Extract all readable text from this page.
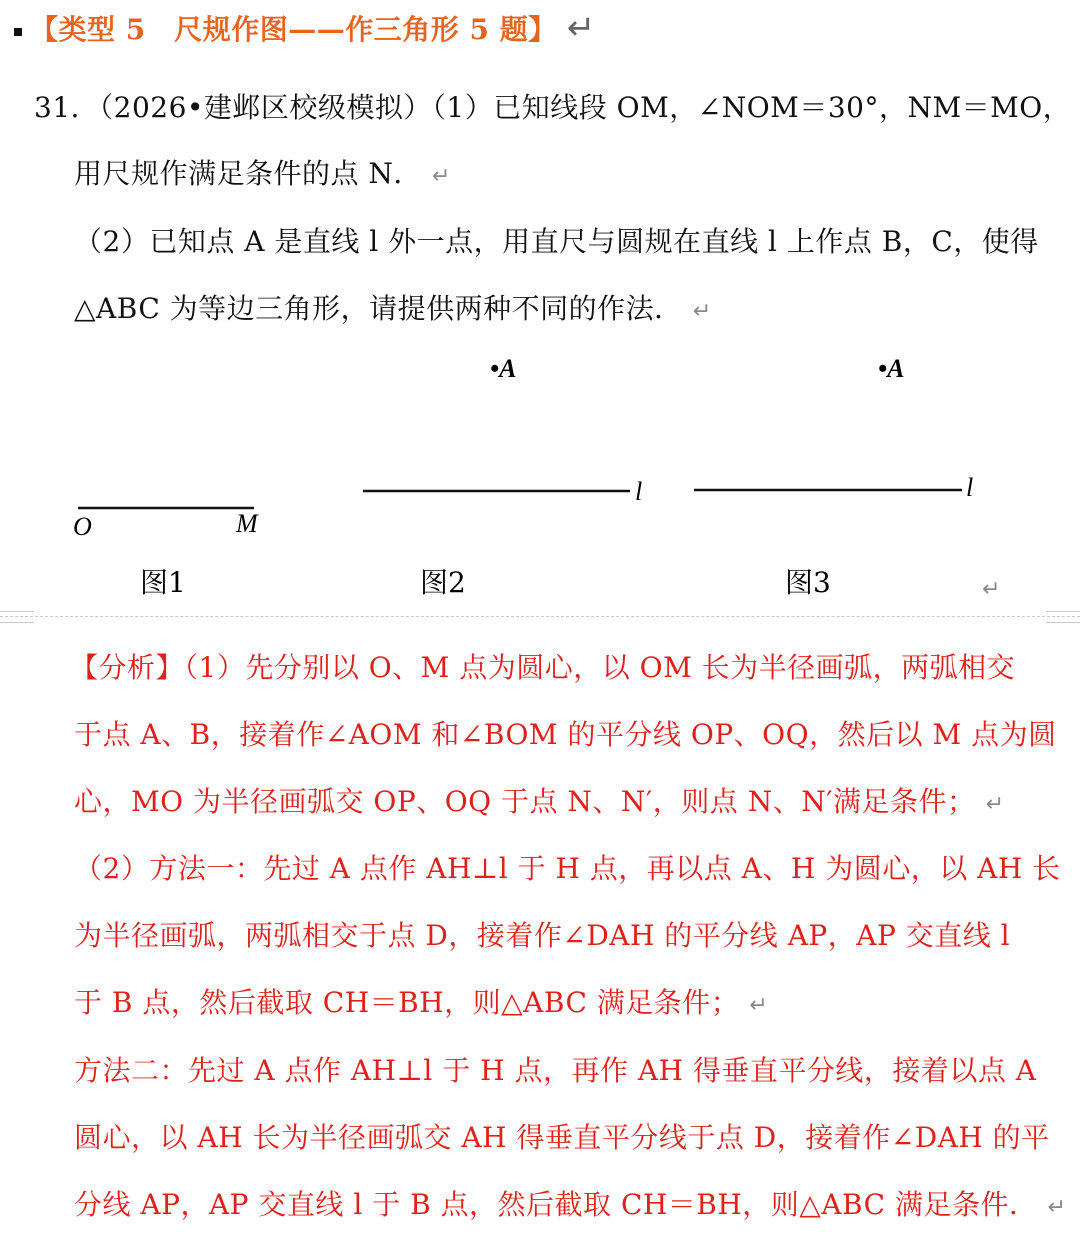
【类型 5　尺规作图——作三角形 5 题】 ↵
31．（2026•建邺区校级模拟）（1）已知线段 OM，∠NOM＝30°，NM＝MO，
用尺规作满足条件的点 N． ↵
（2）已知点 A 是直线 l 外一点，用直尺与圆规在直线 l 上作点 B，C，使得
△ABC 为等边三角形，请提供两种不同的作法． ↵
O	M
图1
•A
l
图2
•A
l
图3	↵
【分析】（1）先分别以 O、M 点为圆心，以 OM 长为半径画弧，两弧相交
于点 A、B，接着作∠AOM 和∠BOM 的平分线 OP、OQ，然后以 M 点为圆
心，MO 为半径画弧交 OP、OQ 于点 N、N′，则点 N、N′满足条件； ↵
（2）方法一：先过 A 点作 AH⊥l 于 H 点，再以点 A、H 为圆心，以 AH 长
为半径画弧，两弧相交于点 D，接着作∠DAH 的平分线 AP，AP 交直线 l
于 B 点，然后截取 CH＝BH，则△ABC 满足条件； ↵
方法二：先过 A 点作 AH⊥l 于 H 点，再作 AH 得垂直平分线，接着以点 A
圆心，以 AH 长为半径画弧交 AH 得垂直平分线于点 D，接着作∠DAH 的平
分线 AP，AP 交直线 l 于 B 点，然后截取 CH＝BH，则△ABC 满足条件． ↵
